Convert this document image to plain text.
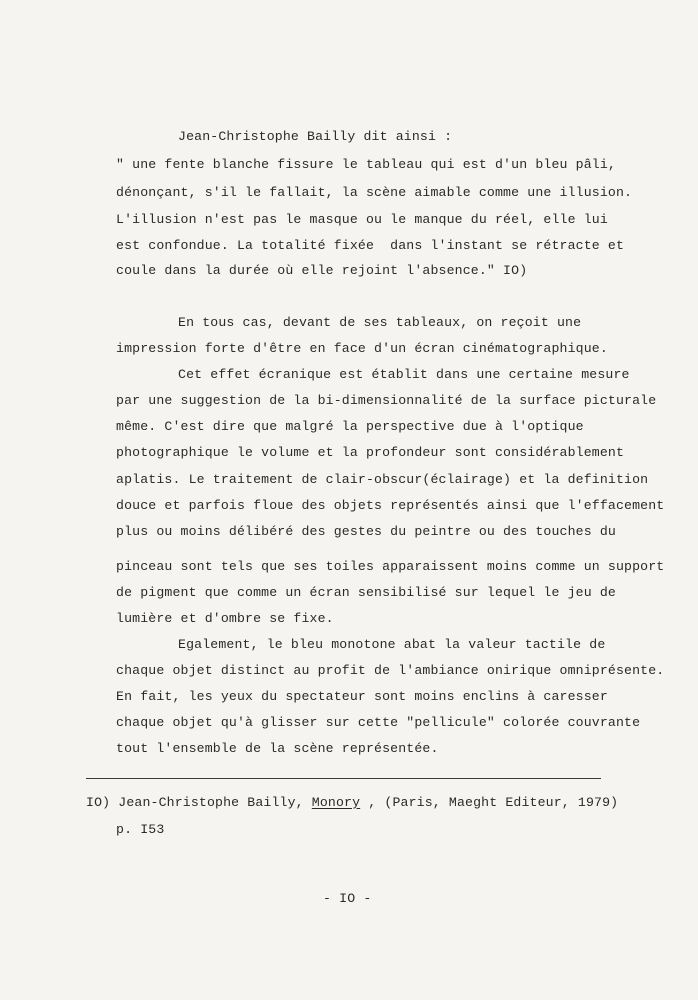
Jean-Christophe Bailly dit ainsi :
" une fente blanche fissure le tableau qui est d'un bleu pâli,
dénonçant, s'il le fallait, la scène aimable comme une illusion.
L'illusion n'est pas le masque ou le manque du réel, elle lui
est confondue. La totalité fixée  dans l'instant se rétracte et
coule dans la durée où elle rejoint l'absence." IO)
En tous cas, devant de ses tableaux, on reçoit une
impression forte d'être en face d'un écran cinématographique.
Cet effet écranique est établit dans une certaine mesure
par une suggestion de la bi-dimensionnalité de la surface picturale
même. C'est dire que malgré la perspective due à l'optique
photographique le volume et la profondeur sont considérablement
aplatis. Le traitement de clair-obscur(éclairage) et la definition
douce et parfois floue des objets représentés ainsi que l'effacement
plus ou moins délibéré des gestes du peintre ou des touches du
pinceau sont tels que ses toiles apparaissent moins comme un support
de pigment que comme un écran sensibilisé sur lequel le jeu de
lumière et d'ombre se fixe.
Egalement, le bleu monotone abat la valeur tactile de
chaque objet distinct au profit de l'ambiance onirique omniprésente.
En fait, les yeux du spectateur sont moins enclins à caresser
chaque objet qu'à glisser sur cette "pellicule" colorée couvrante
tout l'ensemble de la scène représentée.
IO) Jean-Christophe Bailly, Monory , (Paris, Maeght Editeur, 1979)
p. I53
- IO -
